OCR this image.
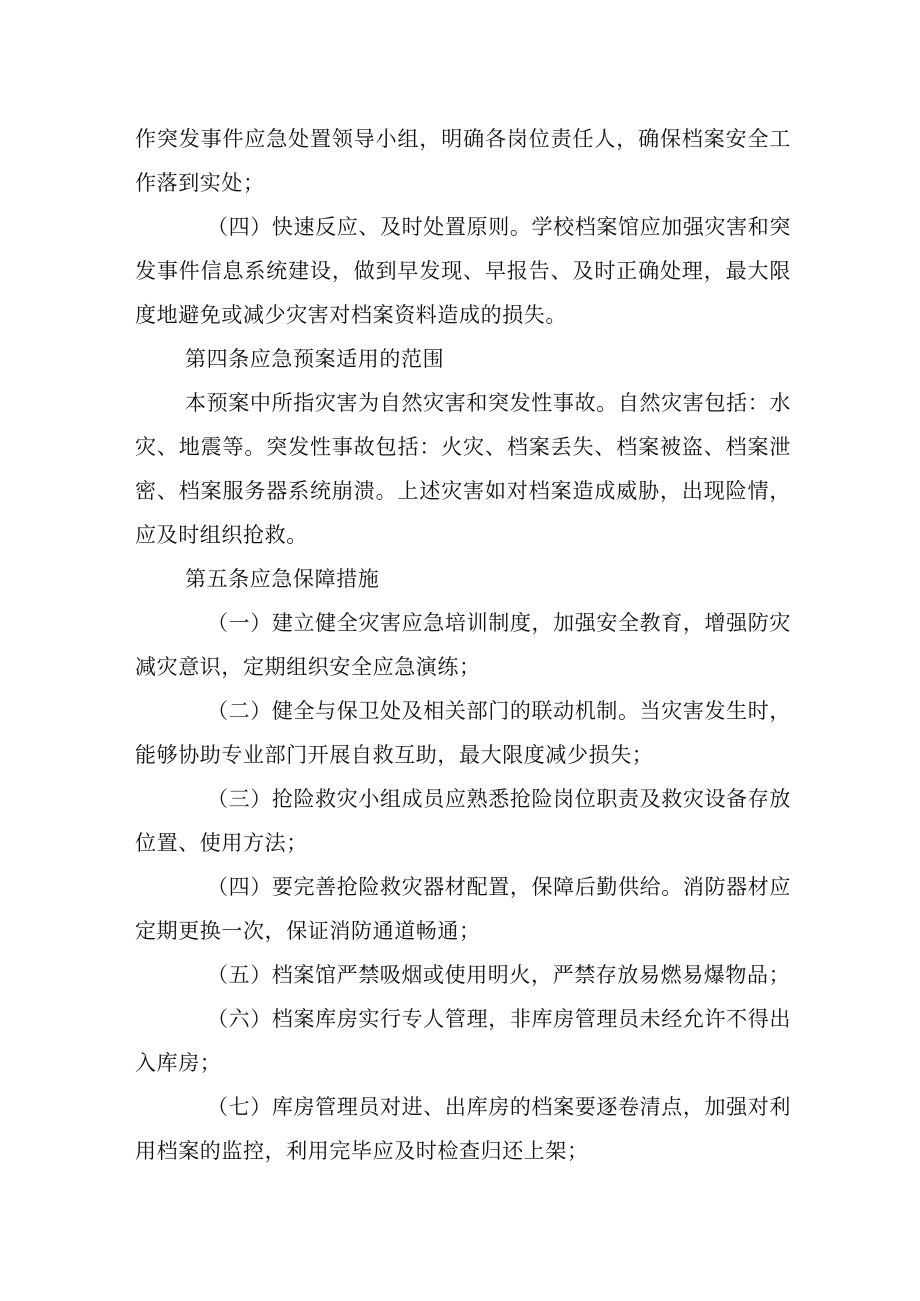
作突发事件应急处置领导小组，明确各岗位责任人，确保档案安全工作落到实处；

（四）快速反应、及时处置原则。学校档案馆应加强灾害和突发事件信息系统建设，做到早发现、早报告、及时正确处理，最大限度地避免或减少灾害对档案资料造成的损失。

第四条应急预案适用的范围

本预案中所指灾害为自然灾害和突发性事故。自然灾害包括：水灾、地震等。突发性事故包括：火灾、档案丢失、档案被盗、档案泄密、档案服务器系统崩溃。上述灾害如对档案造成威胁，出现险情，应及时组织抢救。

第五条应急保障措施

（一）建立健全灾害应急培训制度，加强安全教育，增强防灾减灾意识，定期组织安全应急演练；

（二）健全与保卫处及相关部门的联动机制。当灾害发生时，能够协助专业部门开展自救互助，最大限度减少损失；

（三）抢险救灾小组成员应熟悉抢险岗位职责及救灾设备存放位置、使用方法；

（四）要完善抢险救灾器材配置，保障后勤供给。消防器材应定期更换一次，保证消防通道畅通；

（五）档案馆严禁吸烟或使用明火，严禁存放易燃易爆物品；

（六）档案库房实行专人管理，非库房管理员未经允许不得出入库房；

（七）库房管理员对进、出库房的档案要逐卷清点，加强对利用档案的监控，利用完毕应及时检查归还上架；
